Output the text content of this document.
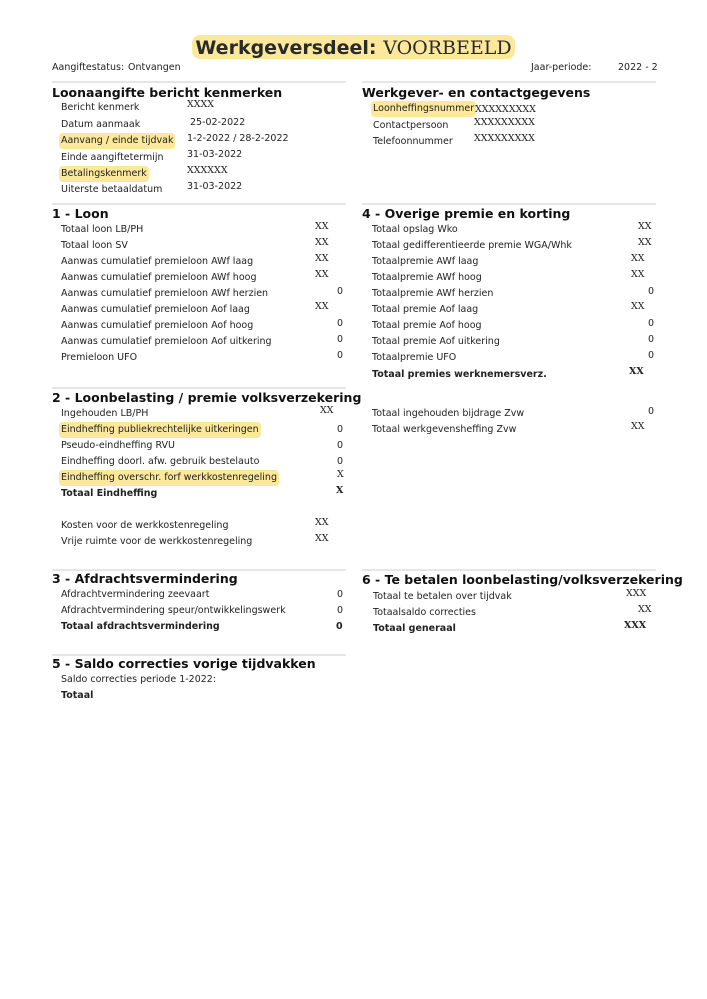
Werkgeversdeel: VOORBEELD
Aangiftestatus: Ontvangen	Jaar-periode:	2022 - 2
Loonaangifte bericht kenmerken
Bericht kenmerk	XXXX
Datum aanmaak	25-02-2022
Aanvang / einde tijdvak 1-2-2022 / 28-2-2022
Einde aangiftetermijn 31-03-2022
Betalingskenmerk	XXXXXX
Uiterste betaaldatum	31-03-2022
Werkgever- en contactgegevens
Loonheffingsnummer XXXXXXXXX
Contactpersoon	XXXXXXXXX
Telefoonnummer XXXXXXXXX
1 - Loon
Totaal loon LB/PH	XX
Totaal loon SV	XX
Aanwas cumulatief premieloon AWf laag	XX
Aanwas cumulatief premieloon AWf hoog	XX
Aanwas cumulatief premieloon AWf herzien	0
Aanwas cumulatief premieloon Aof laag	XX
Aanwas cumulatief premieloon Aof hoog	0
Aanwas cumulatief premieloon Aof uitkering	0
Premieloon UFO	0
4 - Overige premie en korting
Totaal opslag Wko	XX
Totaal gedifferentieerde premie WGA/Whk	XX
Totaalpremie AWf laag	XX
Totaalpremie AWf hoog	XX
Totaalpremie AWf herzien	0
Totaal premie Aof laag	XX
Totaal premie Aof hoog	0
Totaal premie Aof uitkering	0
Totaalpremie UFO	0
Totaal premies werknemersverz.	XX
Totaal ingehouden bijdrage Zvw	0
Totaal werkgevensheffing Zvw	XX
2 - Loonbelasting / premie volksverzekering
Ingehouden LB/PH	XX
Eindheffing publiekrechtelijke uitkeringen	0
Pseudo-eindheffing RVU	0
Eindheffing doorl. afw. gebruik bestelauto	0
Eindheffing overschr. forf werkkostenregeling	X
Totaal Eindheffing	X
Kosten voor de werkkostenregeling	XX
Vrije ruimte voor de werkkostenregeling	XX
3 - Afdrachtsvermindering
Afdrachtvermindering zeevaart	0
Afdrachtvermindering speur/ontwikkelingswerk	0
Totaal afdrachtsvermindering	0
6 - Te betalen loonbelasting/volksverzekering
Totaal te betalen over tijdvak	XXX
Totaalsaldo correcties	XX
Totaal generaal	XXX
5 - Saldo correcties vorige tijdvakken
Saldo correcties periode 1-2022:
Totaal
